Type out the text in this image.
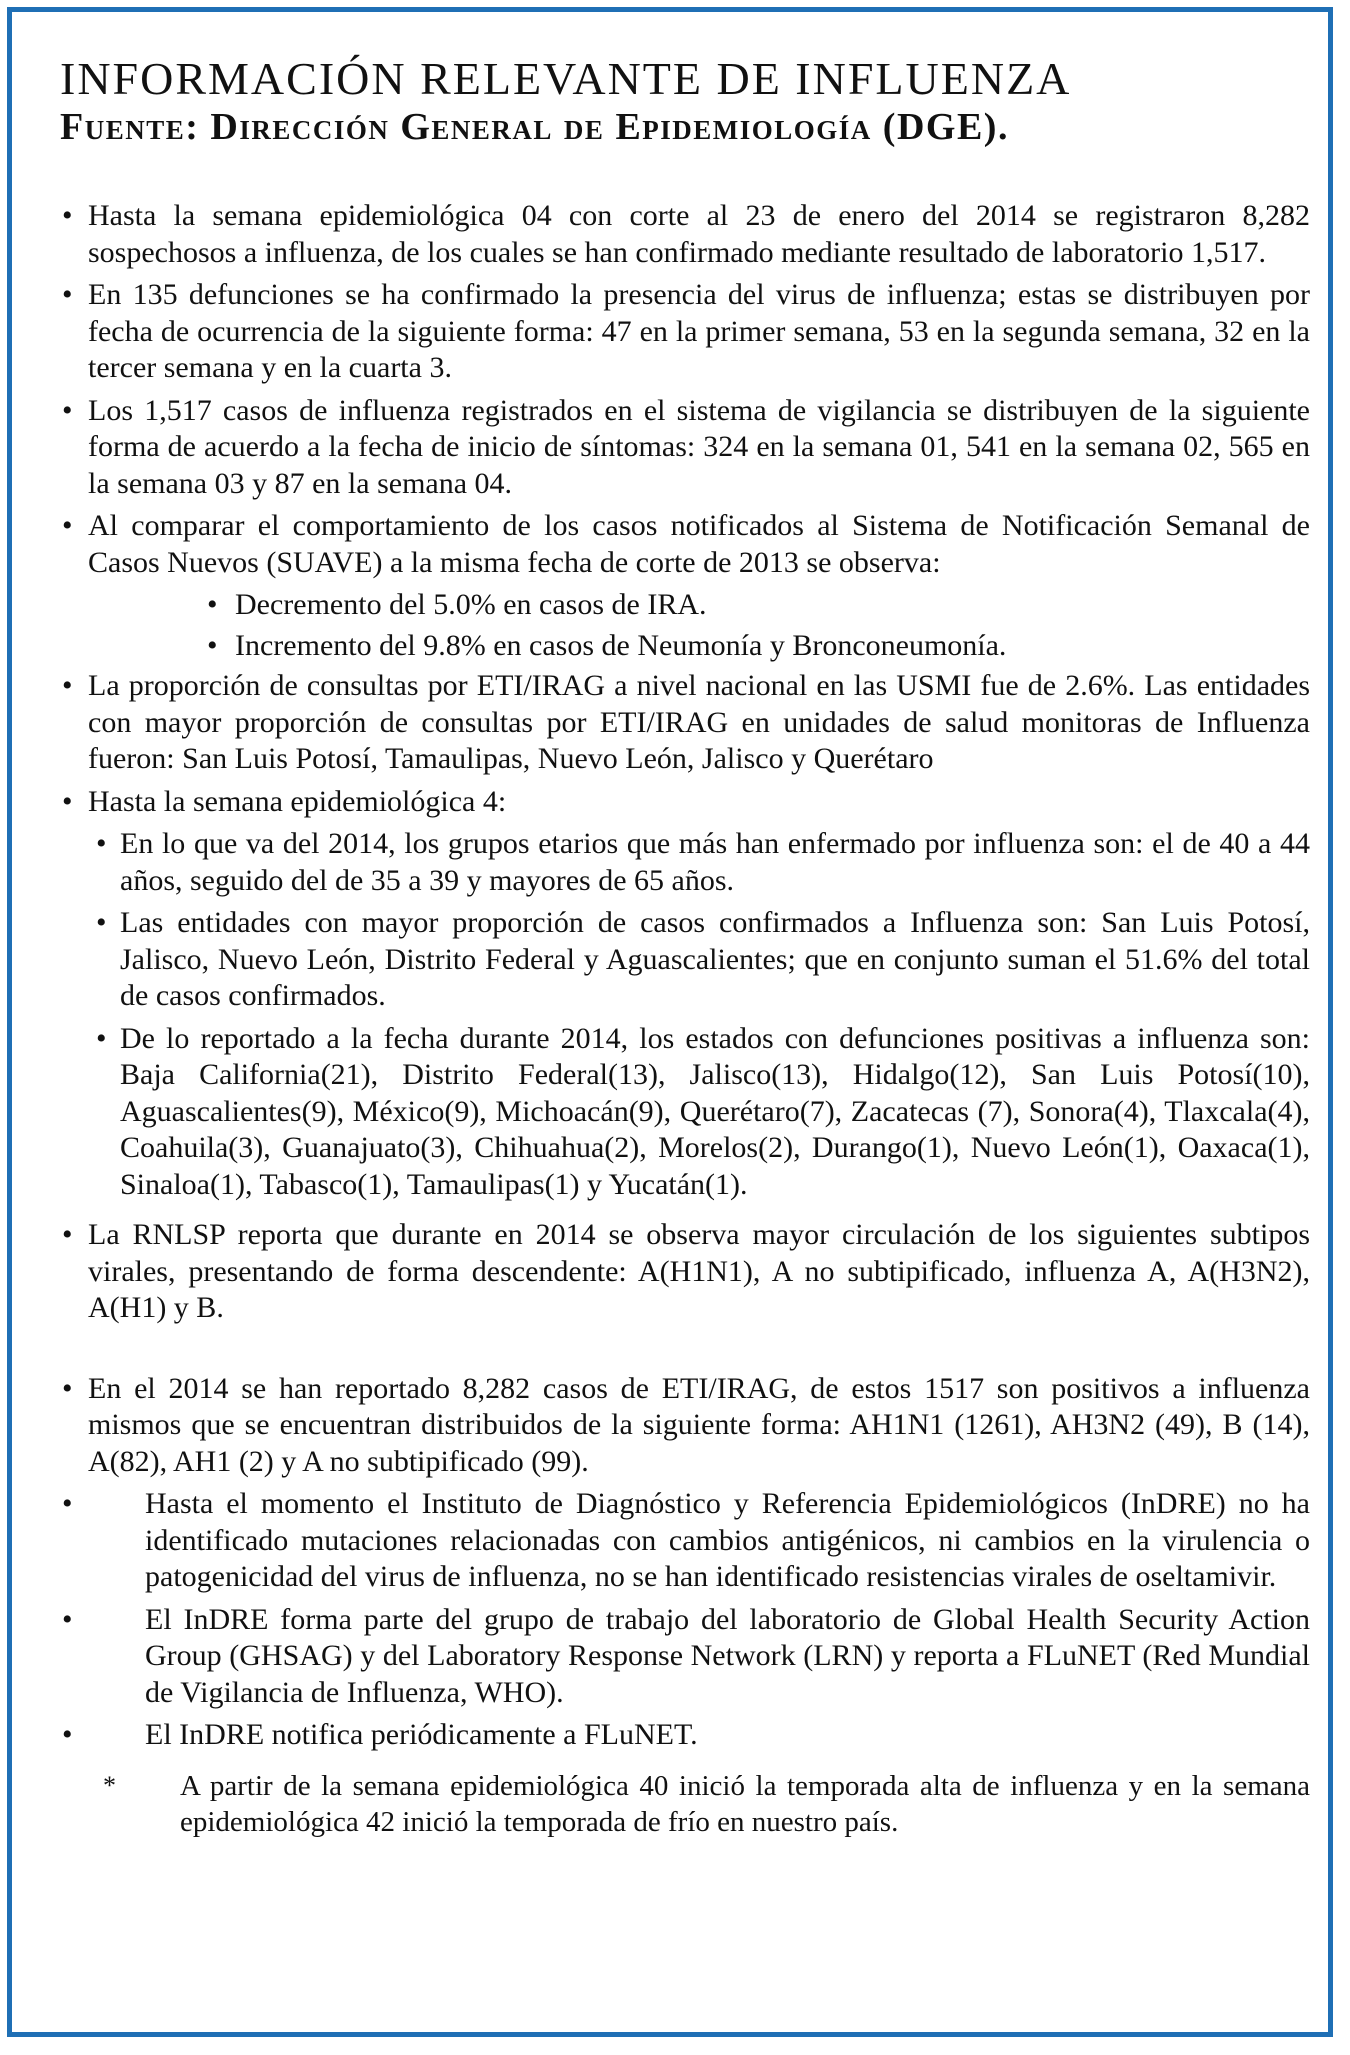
INFORMACIÓN RELEVANTE DE INFLUENZA
Fuente: Dirección General de Epidemiología (DGE).

• Hasta la semana epidemiológica 04 con corte al 23 de enero del 2014 se registraron 8,282 sospechosos a influenza, de los cuales se han confirmado mediante resultado de laboratorio 1,517.

• En 135 defunciones se ha confirmado la presencia del virus de influenza; estas se distribuyen por fecha de ocurrencia de la siguiente forma: 47 en la primer semana, 53 en la segunda semana, 32 en la tercer semana y en la cuarta 3.

• Los 1,517 casos de influenza registrados en el sistema de vigilancia se distribuyen de la siguiente forma de acuerdo a la fecha de inicio de síntomas: 324 en la semana 01, 541 en la semana 02, 565 en la semana 03 y 87 en la semana 04.

• Al comparar el comportamiento de los casos notificados al Sistema de Notificación Semanal de Casos Nuevos (SUAVE) a la misma fecha de corte de 2013 se observa:

• Decremento del 5.0% en casos de IRA.

• Incremento del 9.8% en casos de Neumonía y Bronconeumonía.

• La proporción de consultas por ETI/IRAG a nivel nacional en las USMI fue de 2.6%. Las entidades con mayor proporción de consultas por ETI/IRAG en unidades de salud monitoras de Influenza fueron: San Luis Potosí, Tamaulipas, Nuevo León, Jalisco y Querétaro

• Hasta la semana epidemiológica 4:

• En lo que va del 2014, los grupos etarios que más han enfermado por influenza son: el de 40 a 44 años, seguido del de 35 a 39 y mayores de 65 años.

• Las entidades con mayor proporción de casos confirmados a Influenza son: San Luis Potosí, Jalisco, Nuevo León, Distrito Federal y Aguascalientes; que en conjunto suman el 51.6% del total de casos confirmados.

• De lo reportado a la fecha durante 2014, los estados con defunciones positivas a influenza son: Baja California(21), Distrito Federal(13), Jalisco(13), Hidalgo(12), San Luis Potosí(10), Aguascalientes(9), México(9), Michoacán(9), Querétaro(7), Zacatecas (7), Sonora(4), Tlaxcala(4), Coahuila(3), Guanajuato(3), Chihuahua(2), Morelos(2), Durango(1), Nuevo León(1), Oaxaca(1), Sinaloa(1), Tabasco(1), Tamaulipas(1) y Yucatán(1).

• La RNLSP reporta que durante en 2014 se observa mayor circulación de los siguientes subtipos virales, presentando de forma descendente: A(H1N1), A no subtipificado, influenza A, A(H3N2), A(H1) y B.

• En el 2014 se han reportado 8,282 casos de ETI/IRAG, de estos 1517 son positivos a influenza mismos que se encuentran distribuidos de la siguiente forma: AH1N1 (1261), AH3N2 (49), B (14), A(82), AH1 (2) y A no subtipificado (99).

• Hasta el momento el Instituto de Diagnóstico y Referencia Epidemiológicos (InDRE) no ha identificado mutaciones relacionadas con cambios antigénicos, ni cambios en la virulencia o patogenicidad del virus de influenza, no se han identificado resistencias virales de oseltamivir.

• El InDRE forma parte del grupo de trabajo del laboratorio de Global Health Security Action Group (GHSAG) y del Laboratory Response Network (LRN) y reporta a FLuNET (Red Mundial de Vigilancia de Influenza, WHO).

• El InDRE notifica periódicamente a FLuNET.

* A partir de la semana epidemiológica 40 inició la temporada alta de influenza y en la semana epidemiológica 42 inició la temporada de frío en nuestro país.
